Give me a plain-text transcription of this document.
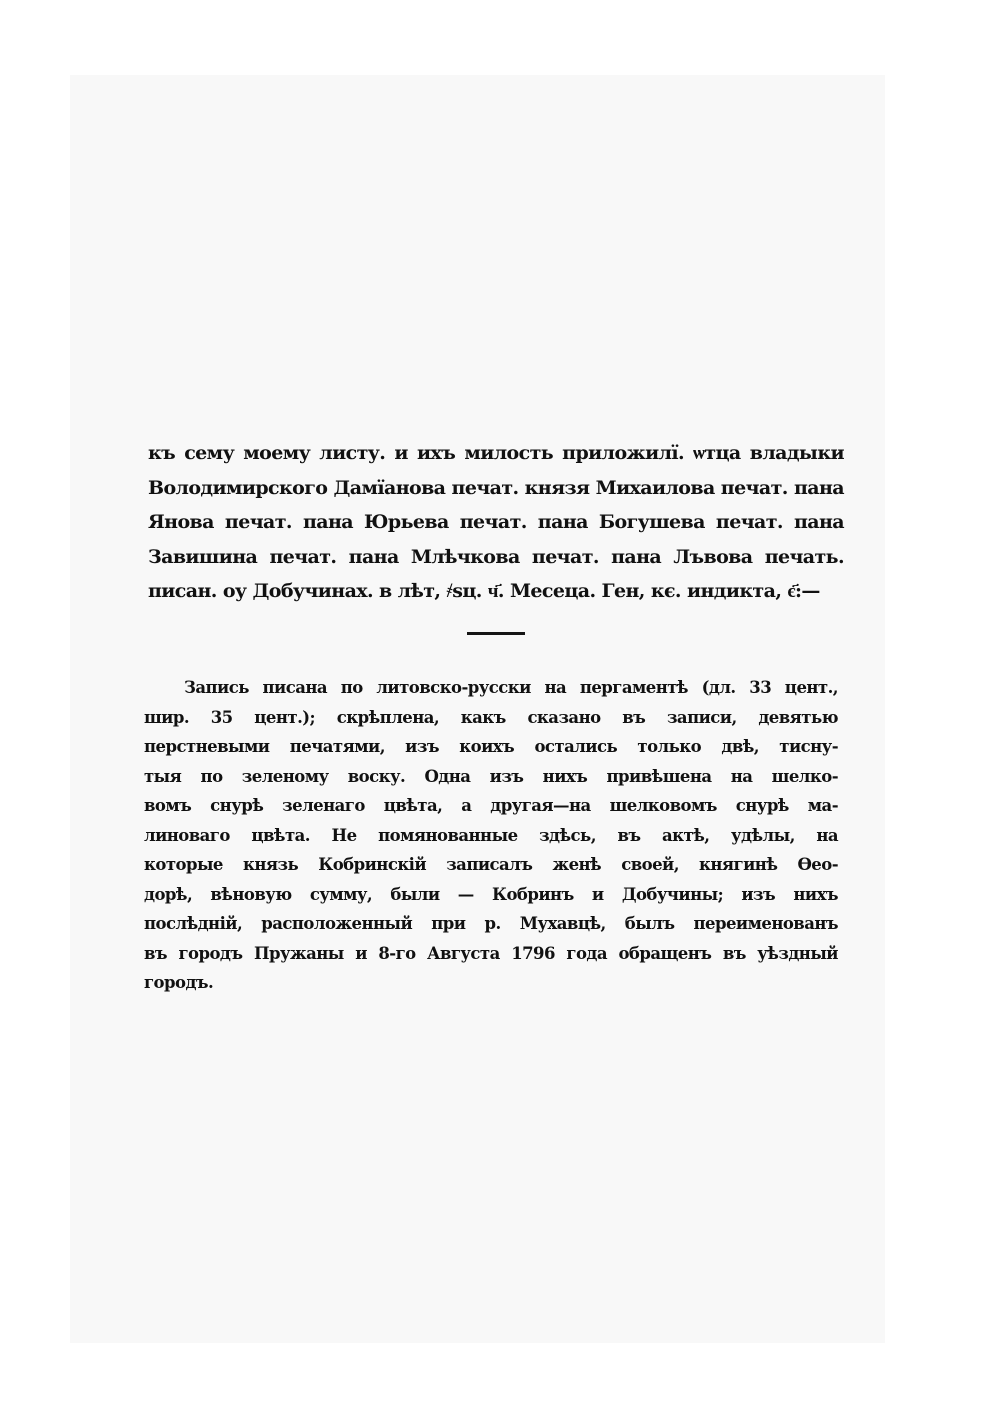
къ сему моему листу. и ихъ милость приложилї. ѡтца владыки
Володимирского Дамїанова печат. князя Михаилова печат. пана
Янова печат. пана Юрьева печат. пана Богушева печат. пана
Завишина печат. пана Млѣчкова печат. пана Лъвова печать.
писан. оу Добучинах. в лѣт, ҂sц. ч҃. Месеца. Ген, кє. индикта, є҃:—
Запись писана по литовско-русски на пергаментѣ (дл. 33 цент.,
шир. 35 цент.); скрѣплена, какъ сказано въ записи, девятью
перстневыми печатями, изъ коихъ остались только двѣ, тисну-
тыя по зеленому воску. Одна изъ нихъ привѣшена на шелко-
вомъ снурѣ зеленаго цвѣта, а другая—на шелковомъ снурѣ ма-
линоваго цвѣта. Не помянованные здѣсь, въ актѣ, удѣлы, на
которые князь Кобринскій записалъ женѣ своей, княгинѣ Ѳео-
дорѣ, вѣновую сумму, были — Кобринъ и Добучины; изъ нихъ
послѣдній, расположенный при р. Мухавцѣ, былъ переименованъ
въ городъ Пружаны и 8-го Августа 1796 года обращенъ въ уѣздный
городъ.
